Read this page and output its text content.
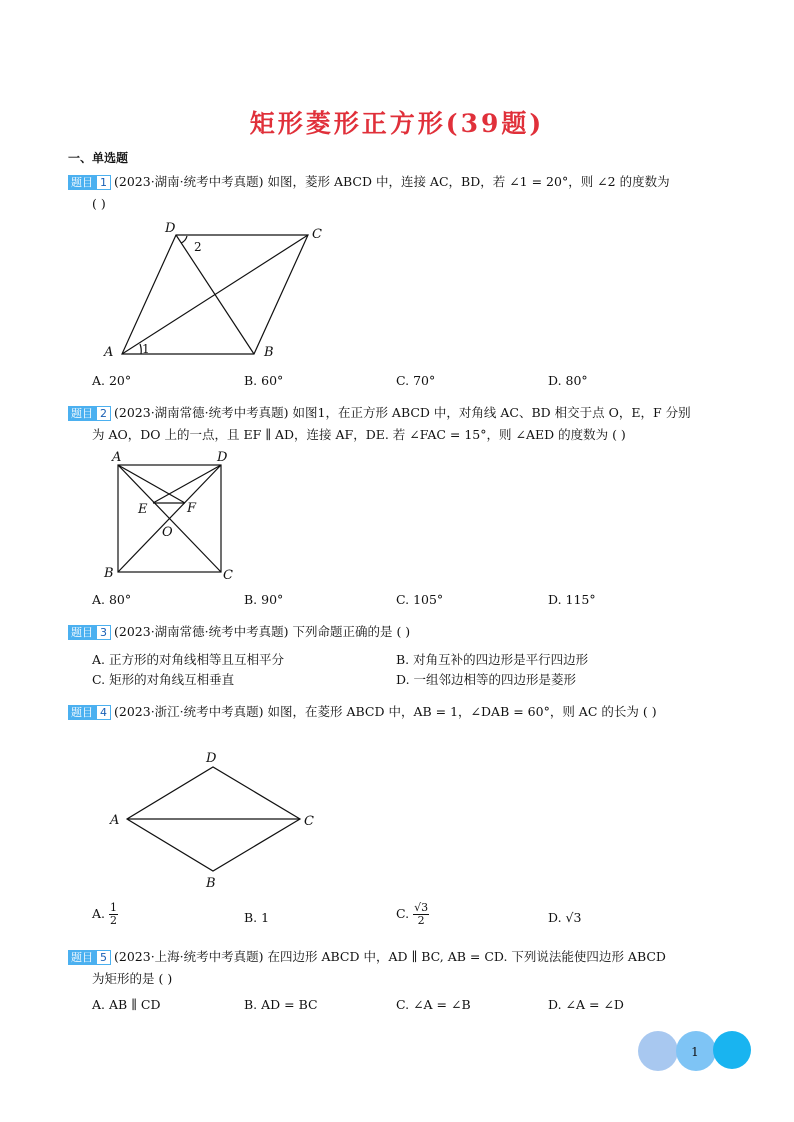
矩形菱形正方形(39题)
一、单选题
题目 1 (2023·湖南·统考中考真题) 如图，菱形 ABCD 中，连接 AC，BD，若 ∠1 = 20°，则 ∠2 的度数为
( )
A	B
C
D
1
2
A. 20°	B. 60°	C. 70°	D. 80°
题目 2 (2023·湖南常德·统考中考真题) 如图1，在正方形 ABCD 中，对角线 AC、BD 相交于点 O，E，F 分别
为 AO，DO 上的一点，且 EF ∥ AD，连接 AF，DE. 若 ∠FAC = 15°，则 ∠AED 的度数为 ( )
A
B	C
D
E	F
O
A. 80°	B. 90°	C. 105°	D. 115°
题目 3 (2023·湖南常德·统考中考真题) 下列命题正确的是 ( )
A. 正方形的对角线相等且互相平分	B. 对角互补的四边形是平行四边形
C. 矩形的对角线互相垂直	D. 一组邻边相等的四边形是菱形
题目 4 (2023·浙江·统考中考真题) 如图，在菱形 ABCD 中，AB = 1，∠DAB = 60°，则 AC 的长为 ( )
A
B
C
D
A. $\frac{1}{2}$	B. 1	C. $\frac{√3}{2}$	D. √3
题目 5 (2023·上海·统考中考真题) 在四边形 ABCD 中，AD ∥ BC, AB = CD. 下列说法能使四边形 ABCD
为矩形的是 ( )
A. AB ∥ CD	B. AD = BC	C. ∠A = ∠B	D. ∠A = ∠D
1
